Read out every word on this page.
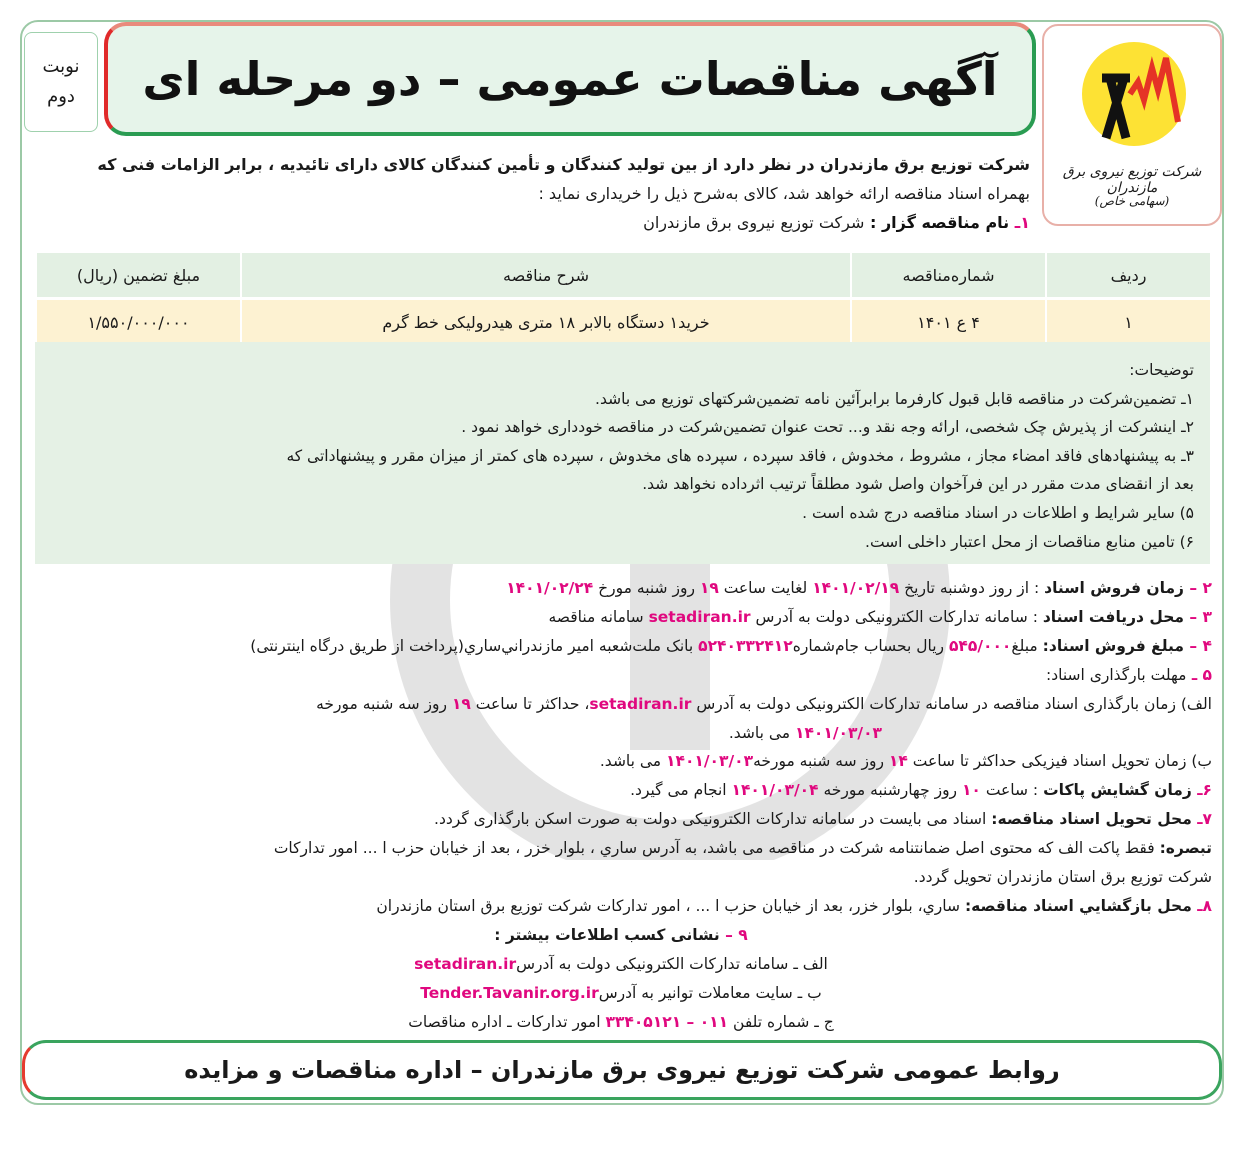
نوبت
دوم آگهی مناقصات عمومی – دو مرحله ای
شرکت توزیع نیروی برق مازندران
(سهامی خاص)
شرکت توزیع برق مازندران در نظر دارد از بین تولید کنندگان و تأمین کنندگان کالای دارای تائیدیه ، برابر الزامات فنی که
بهمراه اسناد مناقصه ارائه خواهد شد، کالای به‌شرح ذیل را خریداری نماید :
۱ـ نام مناقصه گزار : شرکت توزیع نیروی برق مازندران
ردیف	شماره‌مناقصه	شرح مناقصه	مبلغ تضمین (ریال)
۱	۴ ع ۱۴۰۱	خرید۱ دستگاه بالابر ۱۸ متری هیدرولیکی خط گرم	۱/۵۵۰/۰۰۰/۰۰۰
توضیحات:
۱ـ تضمین‌شرکت در مناقصه قابل قبول کارفرما برابرآئین نامه تضمین‌شرکتهای توزیع می باشد.
۲ـ اینشرکت از پذیرش چک شخصی، ارائه وجه نقد و... تحت عنوان تضمین‌شرکت در مناقصه خودداری خواهد نمود .
۳ـ به پیشنهادهای فاقد امضاء مجاز ، مشروط ، مخدوش ، فاقد سپرده ، سپرده های مخدوش ، سپرده های کمتر از میزان مقرر و پیشنهاداتی که
بعد از انقضای مدت مقرر در این فرآخوان واصل شود مطلقاً ترتیب اثرداده نخواهد شد.
۵) سایر شرایط و اطلاعات در اسناد مناقصه درج شده است .
۶) تامین منابع مناقصات از محل اعتبار داخلی است.
۲ – زمان فروش اسناد : از روز دوشنبه تاریخ ۱۴۰۱/۰۲/۱۹ لغایت ساعت ۱۹ روز شنبه مورخ ۱۴۰۱/۰۲/۲۴
۳ – محل دریافت اسناد : سامانه تدارکات الکترونیکی دولت به آدرس setadiran.ir سامانه مناقصه
۴ – مبلغ فروش اسناد: مبلغ۵۴۵/۰۰۰ ریال بحساب جام‌شماره۵۲۴۰۳۳۲۴۱۲ بانک ملت‌شعبه امیر مازندراني‌ساري(پرداخت از طریق درگاه اینترنتی)
۵ ـ مهلت بارگذاری اسناد:
الف) زمان بارگذاری اسناد مناقصه در سامانه تدارکات الکترونیکی دولت به آدرس setadiran.ir، حداکثر تا ساعت ۱۹ روز سه شنبه مورخه
۱۴۰۱/۰۳/۰۳ می باشد.
ب) زمان تحویل اسناد فیزیکی حداکثر تا ساعت ۱۴ روز سه شنبه مورخه۱۴۰۱/۰۳/۰۳ می باشد.
۶ـ زمان گشایش پاکات : ساعت ۱۰ روز چهارشنبه مورخه ۱۴۰۱/۰۳/۰۴ انجام می گیرد.
۷ـ محل تحویل اسناد مناقصه: اسناد می بایست در سامانه تدارکات الکترونیکی دولت به صورت اسکن بارگذاری گردد.
تبصره: فقط پاکت الف که محتوی اصل ضمانتنامه شرکت در مناقصه می باشد، به آدرس ساري ، بلوار خزر ، بعد از خیابان حزب ا ... امور تدارکات
شرکت توزیع برق استان مازندران تحویل گردد.
۸ـ محل بازگشايي اسناد مناقصه: ساري، بلوار خزر، بعد از خیابان حزب ا ... ، امور تدارکات شرکت توزیع برق استان مازندران
۹ – نشانی کسب اطلاعات بیشتر :
الف ـ سامانه تدارکات الکترونیکی دولت به آدرسsetadiran.ir
ب ـ سایت معاملات توانیر به آدرسTender.Tavanir.org.ir
ج ـ شماره تلفن ۰۱۱ – ۳۳۴۰۵۱۲۱ امور تدارکات ـ اداره مناقصات
روابط عمومی شرکت توزیع نیروی برق مازندران – اداره مناقصات و مزایده
